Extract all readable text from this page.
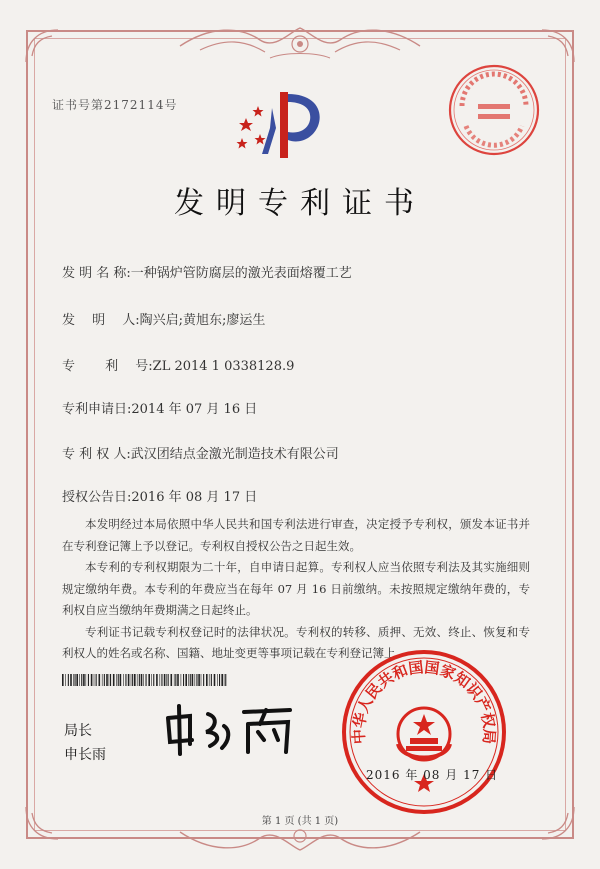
证书号第2172114号
发明专利证书
发 明 名 称:一种锅炉管防腐层的激光表面熔覆工艺
发　 明　 人:陶兴启;黄旭东;廖运生
专　　 利　 号:ZL 2014 1 0338128.9
专利申请日:2014 年 07 月 16 日
专 利 权 人:武汉团结点金激光制造技术有限公司
授权公告日:2016 年 08 月 17 日

本发明经过本局依照中华人民共和国专利法进行审查，决定授予专利权，颁发本证书并在专利登记簿上予以登记。专利权自授权公告之日起生效。

本专利的专利权期限为二十年，自申请日起算。专利权人应当依照专利法及其实施细则规定缴纳年费。本专利的年费应当在每年 07 月 16 日前缴纳。未按照规定缴纳年费的，专利权自应当缴纳年费期满之日起终止。

专利证书记载专利权登记时的法律状况。专利权的转移、质押、无效、终止、恢复和专利权人的姓名或名称、国籍、地址变更等事项记载在专利登记簿上。

局长
申长雨
中华人民共和国国家知识产权局
2016 年 08 月 17 日
第 1 页 (共 1 页)
